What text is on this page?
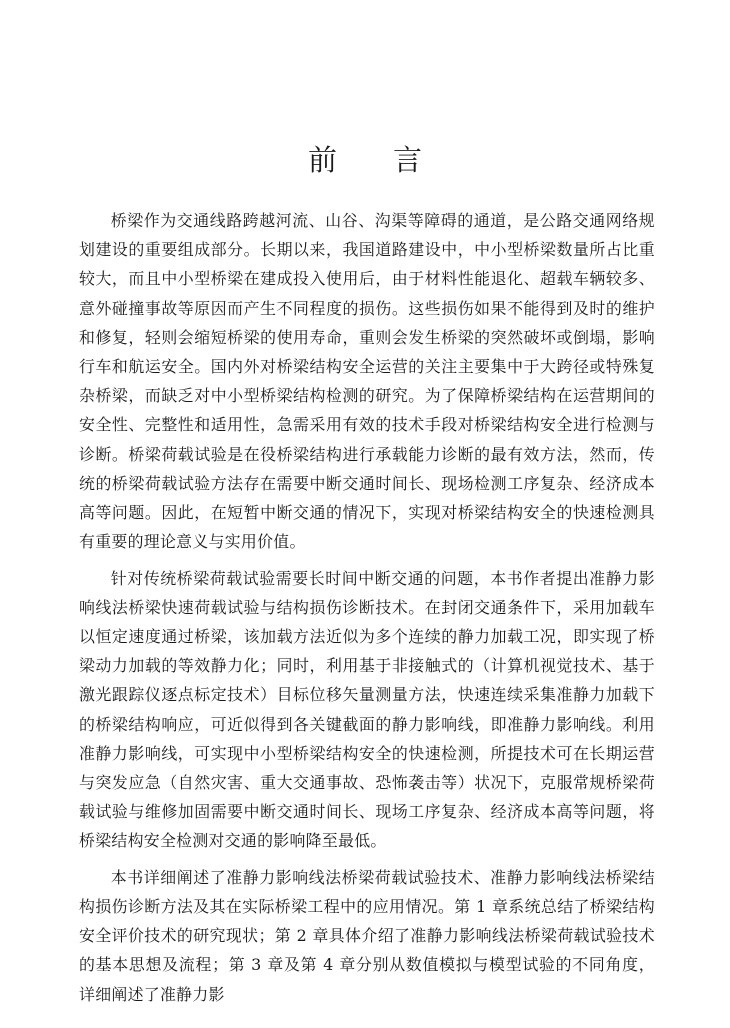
前言

桥梁作为交通线路跨越河流、山谷、沟渠等障碍的通道，是公路交通网络规划建设的重要组成部分。长期以来，我国道路建设中，中小型桥梁数量所占比重较大，而且中小型桥梁在建成投入使用后，由于材料性能退化、超载车辆较多、意外碰撞事故等原因而产生不同程度的损伤。这些损伤如果不能得到及时的维护和修复，轻则会缩短桥梁的使用寿命，重则会发生桥梁的突然破坏或倒塌，影响行车和航运安全。国内外对桥梁结构安全运营的关注主要集中于大跨径或特殊复杂桥梁，而缺乏对中小型桥梁结构检测的研究。为了保障桥梁结构在运营期间的安全性、完整性和适用性，急需采用有效的技术手段对桥梁结构安全进行检测与诊断。桥梁荷载试验是在役桥梁结构进行承载能力诊断的最有效方法，然而，传统的桥梁荷载试验方法存在需要中断交通时间长、现场检测工序复杂、经济成本高等问题。因此，在短暂中断交通的情况下，实现对桥梁结构安全的快速检测具有重要的理论意义与实用价值。

针对传统桥梁荷载试验需要长时间中断交通的问题，本书作者提出准静力影响线法桥梁快速荷载试验与结构损伤诊断技术。在封闭交通条件下，采用加载车以恒定速度通过桥梁，该加载方法近似为多个连续的静力加载工况，即实现了桥梁动力加载的等效静力化；同时，利用基于非接触式的（计算机视觉技术、基于激光跟踪仪逐点标定技术）目标位移矢量测量方法，快速连续采集准静力加载下的桥梁结构响应，可近似得到各关键截面的静力影响线，即准静力影响线。利用准静力影响线，可实现中小型桥梁结构安全的快速检测，所提技术可在长期运营与突发应急（自然灾害、重大交通事故、恐怖袭击等）状况下，克服常规桥梁荷载试验与维修加固需要中断交通时间长、现场工序复杂、经济成本高等问题，将桥梁结构安全检测对交通的影响降至最低。

本书详细阐述了准静力影响线法桥梁荷载试验技术、准静力影响线法桥梁结构损伤诊断方法及其在实际桥梁工程中的应用情况。第 1 章系统总结了桥梁结构安全评价技术的研究现状；第 2 章具体介绍了准静力影响线法桥梁荷载试验技术的基本思想及流程；第 3 章及第 4 章分别从数值模拟与模型试验的不同角度，详细阐述了准静力影
